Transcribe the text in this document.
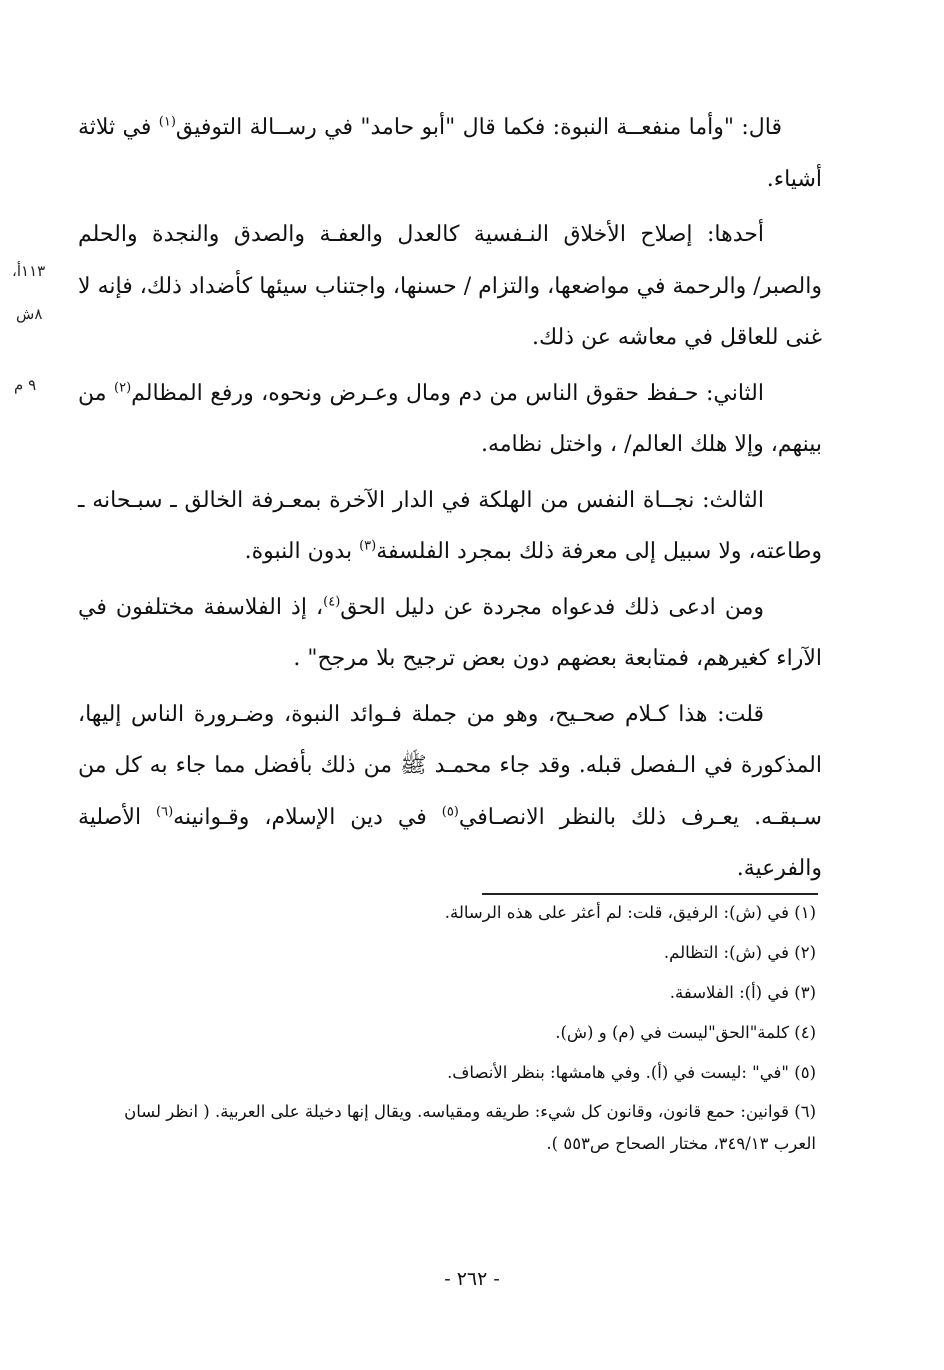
قال: "وأما منفعــة النبوة: فكما قال "أبو حامد" في رســالة التوفيق$^{(١)}$ في ثلاثة أشياء.

أحدها: إصلاح الأخلاق النـفسية كالعدل والعفـة والصدق والنجدة والحلم والصبر/ والرحمة في مواضعها، والتزام / حسنها، واجتناب سيئها كأضداد ذلك، فإنه لا غنى للعاقل في معاشه عن ذلك.

الثاني: حـفظ حقوق الناس من دم ومال وعـرض ونحوه، ورفع المظالم$^{(٢)}$ من بينهم، وإلا هلك العالم/ ، واختل نظامه.

الثالث: نجــاة النفس من الهلكة في الدار الآخرة بمعـرفة الخالق ـ سبـحانه ـ وطاعته، ولا سبيل إلى معرفة ذلك بمجرد الفلسفة$^{(٣)}$ بدون النبوة.

ومن ادعى ذلك فدعواه مجردة عن دليل الحق$^{(٤)}$، إذ الفلاسفة مختلفون في الآراء كغيرهم، فمتابعة بعضهم دون بعض ترجيح بلا مرجح" .

قلت: هذا كـلام صحـيح، وهو من جملة فـوائد النبوة، وضـرورة الناس إليها، المذكورة في الـفصل قبله. وقد جاء محمـد ﷺ من ذلك بأفضل مما جاء به كل من سـبقـه. يعـرف ذلك بالنظر الانصـافي$^{(٥)}$ في دين الإسلام، وقـوانينه$^{(٦)}$ الأصلية والفرعية.

١١٣أ،
٨ش
٩ م
(١) في (ش): الرفيق، قلت: لم أعثر على هذه الرسالة.
(٢) في (ش): التظالم.
(٣) في (أ): الفلاسفة.
(٤) كلمة"الحق"ليست في (م) و (ش).
(٥) "في" :ليست في (أ). وفي هامشها: بنظر الأنصاف.
(٦) قوانين: حمع قانون، وقانون كل شيء: طريقه ومقياسه. ويقال إنها دخيلة على العربية. ( انظر لسان العرب ٣٤٩/١٣، مختار الصحاح ص٥٥٣ ).
- ٢٦٢ -
